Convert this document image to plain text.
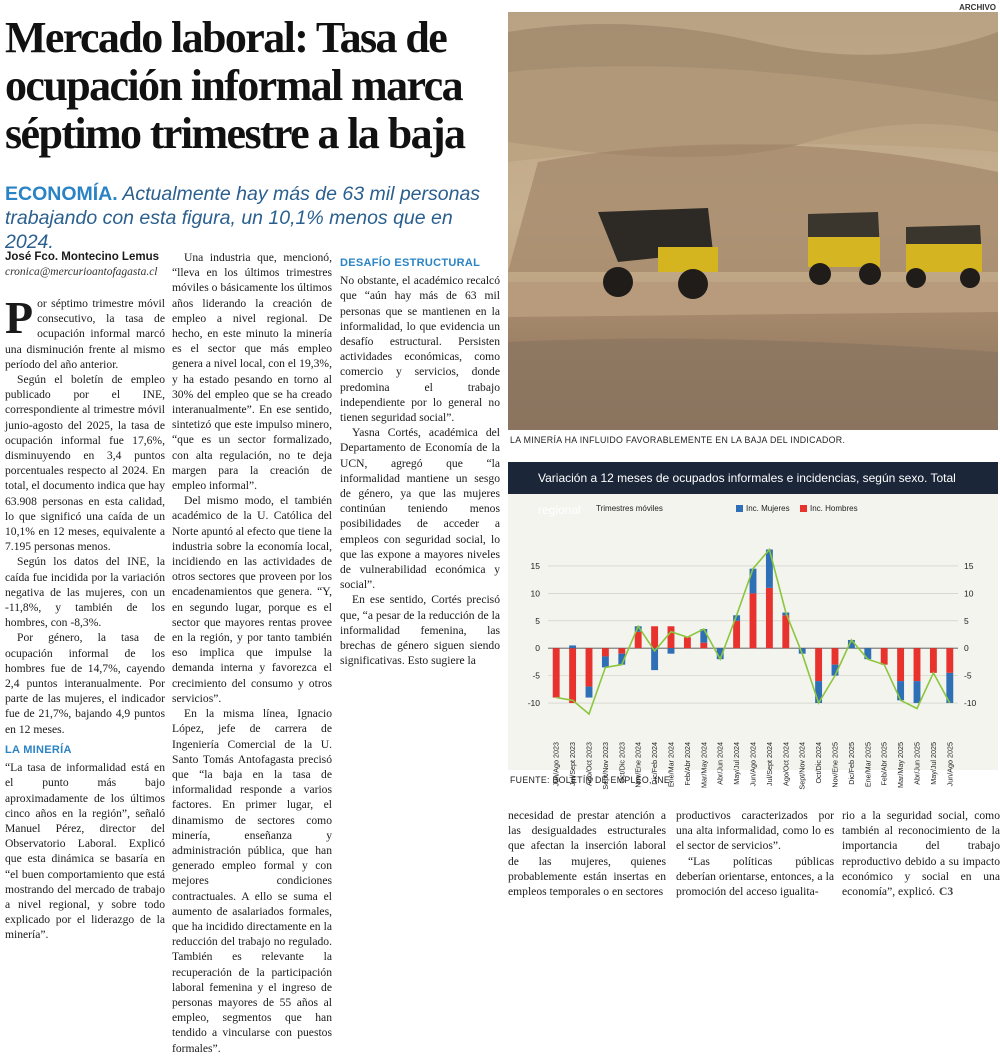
Mercado laboral: Tasa de ocupación informal marca séptimo trimestre a la baja
ECONOMÍA. Actualmente hay más de 63 mil personas trabajando con esta figura, un 10,1% menos que en 2024.
José Fco. Montecino Lemus
cronica@mercurioantofagasta.cl

Por séptimo trimestre móvil consecutivo, la tasa de ocupación informal marcó una disminución frente al mismo período del año anterior.

Según el boletín de empleo publicado por el INE, correspondiente al trimestre móvil junio-agosto del 2025, la tasa de ocupación informal fue 17,6%, disminuyendo en 3,4 puntos porcentuales respecto al 2024. En total, el documento indica que hay 63.908 personas en esta calidad, lo que significó una caída de un 10,1% en 12 meses, equivalente a 7.195 personas menos.

Según los datos del INE, la caída fue incidida por la variación negativa de las mujeres, con un -11,8%, y también de los hombres, con -8,3%.

Por género, la tasa de ocupación informal de los hombres fue de 14,7%, cayendo 2,4 puntos interanualmente. Por parte de las mujeres, el indicador fue de 21,7%, bajando 4,9 puntos en 12 meses.

LA MINERÍA

“La tasa de informalidad está en el punto más bajo aproximadamente de los últimos cinco años en la región”, señaló Manuel Pérez, director del Observatorio Laboral. Explicó que esta dinámica se basaría en “el buen comportamiento que está mostrando del mercado de trabajo a nivel regional, y sobre todo explicado por el liderazgo de la minería”.

Una industria que, mencionó, “lleva en los últimos trimestres móviles o básicamente los últimos años liderando la creación de empleo a nivel regional. De hecho, en este minuto la minería es el sector que más empleo genera a nivel local, con el 19,3%, y ha estado pesando en torno al 30% del empleo que se ha creado interanualmente”. En ese sentido, sintetizó que este impulso minero, “que es un sector formalizado, con alta regulación, no te deja margen para la creación de empleo informal”.

Del mismo modo, el también académico de la U. Católica del Norte apuntó al efecto que tiene la industria sobre la economía local, incidiendo en las actividades de otros sectores que proveen por los encadenamientos que genera. “Y, en segundo lugar, porque es el sector que mayores rentas provee en la región, y por tanto también eso implica que impulse la demanda interna y favorezca el crecimiento del consumo y otros servicios”.

En la misma línea, Ignacio López, jefe de carrera de Ingeniería Comercial de la U. Santo Tomás Antofagasta precisó que “la baja en la tasa de informalidad responde a varios factores. En primer lugar, el dinamismo de sectores como minería, enseñanza y administración pública, que han generado empleo formal y con mejores condiciones contractuales. A ello se suma el aumento de asalariados formales, que ha incidido directamente en la reducción del trabajo no regulado. También es relevante la recuperación de la participación laboral femenina y el ingreso de personas mayores de 55 años al empleo, segmentos que han tendido a vincularse con puestos formales”.

DESAFÍO ESTRUCTURAL

No obstante, el académico recalcó que “aún hay más de 63 mil personas que se mantienen en la informalidad, lo que evidencia un desafío estructural. Persisten actividades económicas, como comercio y servicios, donde predomina el trabajo independiente por lo general no tienen seguridad social”.

Yasna Cortés, académica del Departamento de Economía de la UCN, agregó que “la informalidad mantiene un sesgo de género, ya que las mujeres continúan teniendo menos posibilidades de acceder a empleos con seguridad social, lo que las expone a mayores niveles de vulnerabilidad económica y social”.

En ese sentido, Cortés precisó que, “a pesar de la reducción de la informalidad femenina, las brechas de género siguen siendo significativas. Esto sugiere la

ARCHIVO
LA MINERÍA HA INFLUIDO FAVORABLEMENTE EN LA BAJA DEL INDICADOR.
Variación a 12 meses de ocupados informales e incidencias, según sexo. Total regional
-10	-10
-5	-5
0	0
5	5
10	10
15	15
Trimestres móviles	Inc. Mujeres	Inc. Hombres
Jun/Ago 2023 Jul/Sept 2023 Ago/Oct 2023 Sept/Nov 2023 Oct/Dic 2023 Nov/Ene 2024 Dic/Feb 2024 Ene/Mar 2024 Feb/Abr 2024 Mar/May 2024 Abr/Jun 2024 May/Jul 2024 Jun/Ago 2024 Jul/Sept 2024 Ago/Oct 2024 Sept/Nov 2024 Oct/Dic 2024 Nov/Ene 2025 Dic/Feb 2025 Ene/Mar 2025 Feb/Abr 2025 Mar/May 2025 Abr/Jun 2025 May/Jul 2025 Jun/Ago 2025
FUENTE: BOLETÍN DE EMPLEO, INE.

necesidad de prestar atención a las desigualdades estructurales que afectan la inserción laboral de las mujeres, quienes probablemente están insertas en empleos temporales o en sectores

productivos caracterizados por una alta informalidad, como lo es el sector de servicios”.

“Las políticas públicas deberían orientarse, entonces, a la promoción del acceso igualita-

rio a la seguridad social, como también al reconocimiento de la importancia del trabajo reproductivo debido a su impacto económico y social en una economía”, explicó. C3
